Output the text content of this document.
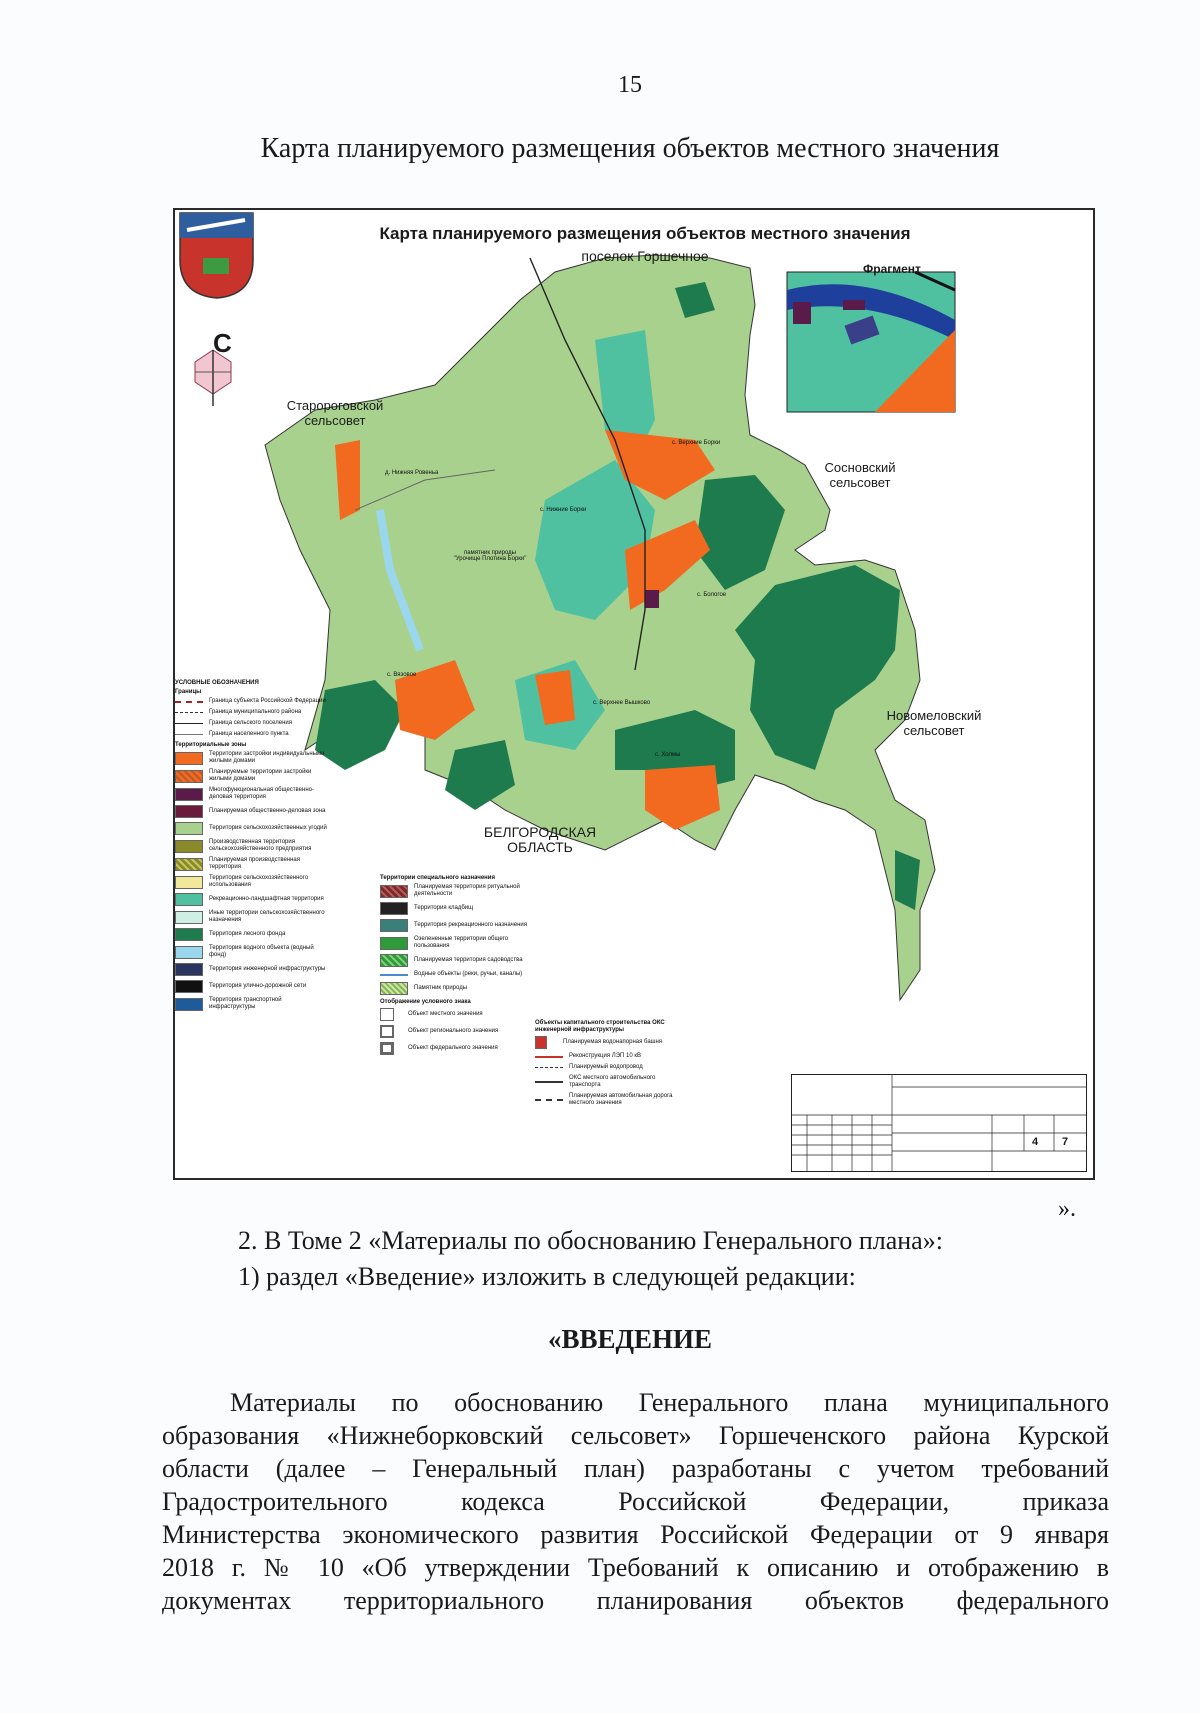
15
Карта планируемого размещения объектов местного значения
Карта планируемого размещения объектов местного значения
поселок Горшечное
Фрагмент
С
Старороговской сельсовет
Сосновский сельсовет
Новомеловский сельсовет
БЕЛГОРОДСКАЯ ОБЛАСТЬ
с. Верхние Борки
д. Нижняя Ровеньа
с. Нижние Борки
памятник природы "Урочище Плотина Борки"
с. Бологое
с. Вязовое
с. Верхнее Вышково
с. Холмы
УСЛОВНЫЕ ОБОЗНАЧЕНИЯ
Границы
Граница субъекта Российской Федерации
Граница муниципального района
Граница сельского поселения
Граница населенного пункта
Территориальные зоны
Территории застройки индивидуальными жилыми домами
Планируемые территории застройки жилыми домами
Многофункциональная общественно-деловая территория
Планируемая общественно-деловая зона
Территория сельскохозяйственных угодий
Производственная территория сельскохозяйственного предприятия
Планируемая производственная территория
Территория сельскохозяйственного использования
Рекреационно-ландшафтная территория
Иные территории сельскохозяйственного назначения
Территория лесного фонда
Территория водного объекта (водный фонд)
Территория инженерной инфраструктуры
Территория улично-дорожной сети
Территория транспортной инфраструктуры
Территории специального назначения
Планируемая территория ритуальной деятельности
Территория кладбищ
Территория рекреационного назначения
Озелененные территории общего пользования
Планируемая территория садоводства
Водные объекты (реки, ручьи, каналы)
Памятник природы
Отображение условного знака
Объект местного значения
Объект регионального значения
Объект федерального значения
Объекты капитального строительства ОКС инженерной инфраструктуры
Планируемая водонапорная башня
Реконструкция ЛЭП 10 кВ
Планируемый водопровод
ОКС местного автомобильного транспорта
Планируемая автомобильная дорога местного значения
4 7
».
2. В Томе 2 «Материалы по обоснованию Генерального плана»:
1) раздел «Введение» изложить в следующей редакции:
«ВВЕДЕНИЕ
Материалы по обоснованию Генерального плана муниципального
образования «Нижнеборковский сельсовет» Горшеченского района Курской
области (далее – Генеральный план) разработаны с учетом требований
Градостроительного кодекса Российской Федерации, приказа
Министерства экономического развития Российской Федерации от 9 января
2018 г. № 10 «Об утверждении Требований к описанию и отображению в
документах территориального планирования объектов федерального
